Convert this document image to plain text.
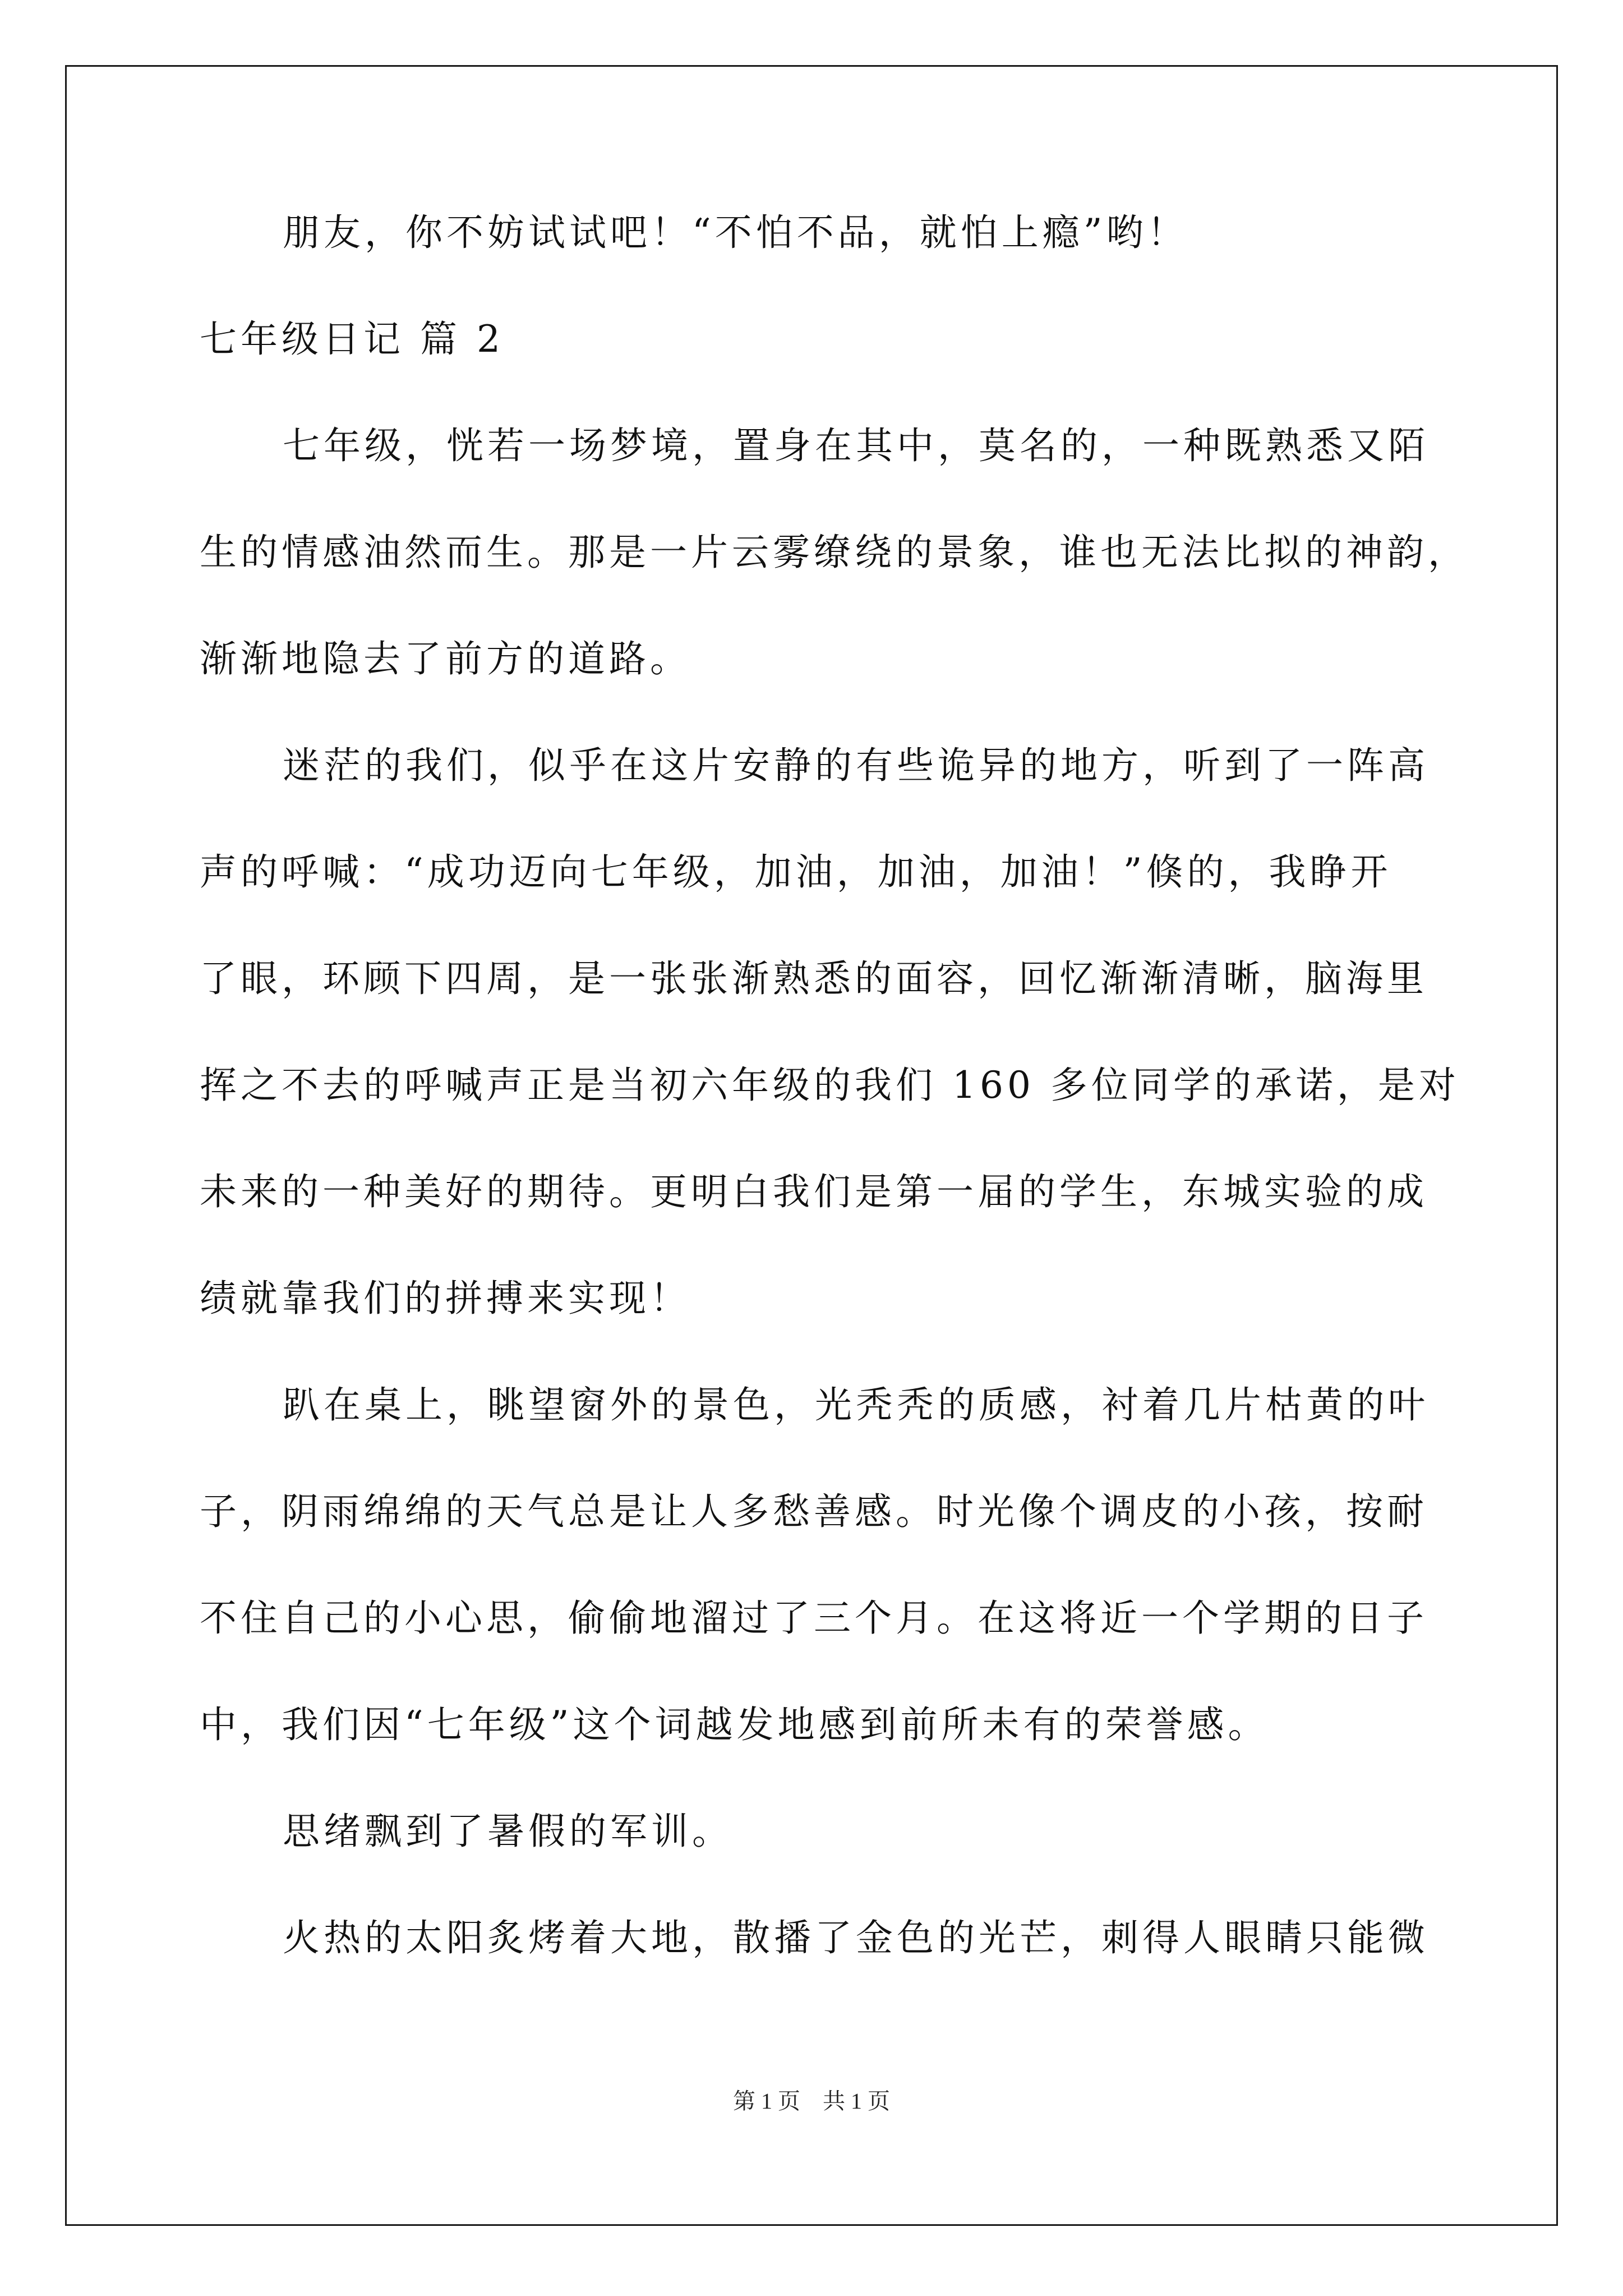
朋友，你不妨试试吧！“不怕不品，就怕上瘾”哟！
七年级日记 篇 2
七年级，恍若一场梦境，置身在其中，莫名的，一种既熟悉又陌
生的情感油然而生。那是一片云雾缭绕的景象，谁也无法比拟的神韵，
渐渐地隐去了前方的道路。
迷茫的我们，似乎在这片安静的有些诡异的地方，听到了一阵高
声的呼喊：“成功迈向七年级，加油，加油，加油！”倏的，我睁开
了眼，环顾下四周，是一张张渐熟悉的面容，回忆渐渐清晰，脑海里
挥之不去的呼喊声正是当初六年级的我们 160 多位同学的承诺，是对
未来的一种美好的期待。更明白我们是第一届的学生，东城实验的成
绩就靠我们的拼搏来实现！
趴在桌上，眺望窗外的景色，光秃秃的质感，衬着几片枯黄的叶
子，阴雨绵绵的天气总是让人多愁善感。时光像个调皮的小孩，按耐
不住自己的小心思，偷偷地溜过了三个月。在这将近一个学期的日子
中，我们因“七年级”这个词越发地感到前所未有的荣誉感。
思绪飘到了暑假的军训。
火热的太阳炙烤着大地，散播了金色的光芒，刺得人眼睛只能微
第 1 页　共 1 页
